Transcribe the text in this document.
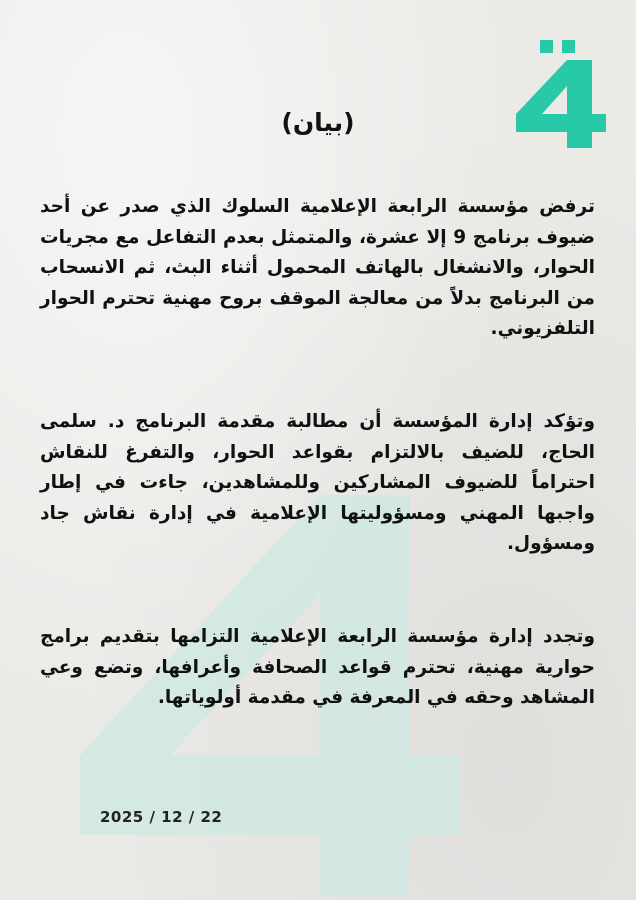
(بيان)

ترفض مؤسسة الرابعة الإعلامية السلوك الذي صدر عن أحد ضيوف برنامج 9 إلا عشرة، والمتمثل بعدم التفاعل مع مجريات الحوار، والانشغال بالهاتف المحمول أثناء البث، ثم الانسحاب من البرنامج بدلاً من معالجة الموقف بروح مهنية تحترم الحوار التلفزيوني.

وتؤكد إدارة المؤسسة أن مطالبة مقدمة البرنامج د. سلمى الحاج، للضيف بالالتزام بقواعد الحوار، والتفرغ للنقاش احتراماً للضيوف المشاركين وللمشاهدين، جاءت في إطار واجبها المهني ومسؤوليتها الإعلامية في إدارة نقاش جاد ومسؤول.

وتجدد إدارة مؤسسة الرابعة الإعلامية التزامها بتقديم برامج حوارية مهنية، تحترم قواعد الصحافة وأعرافها، وتضع وعي المشاهد وحقه في المعرفة في مقدمة أولوياتها.

2025 / 12 / 22
